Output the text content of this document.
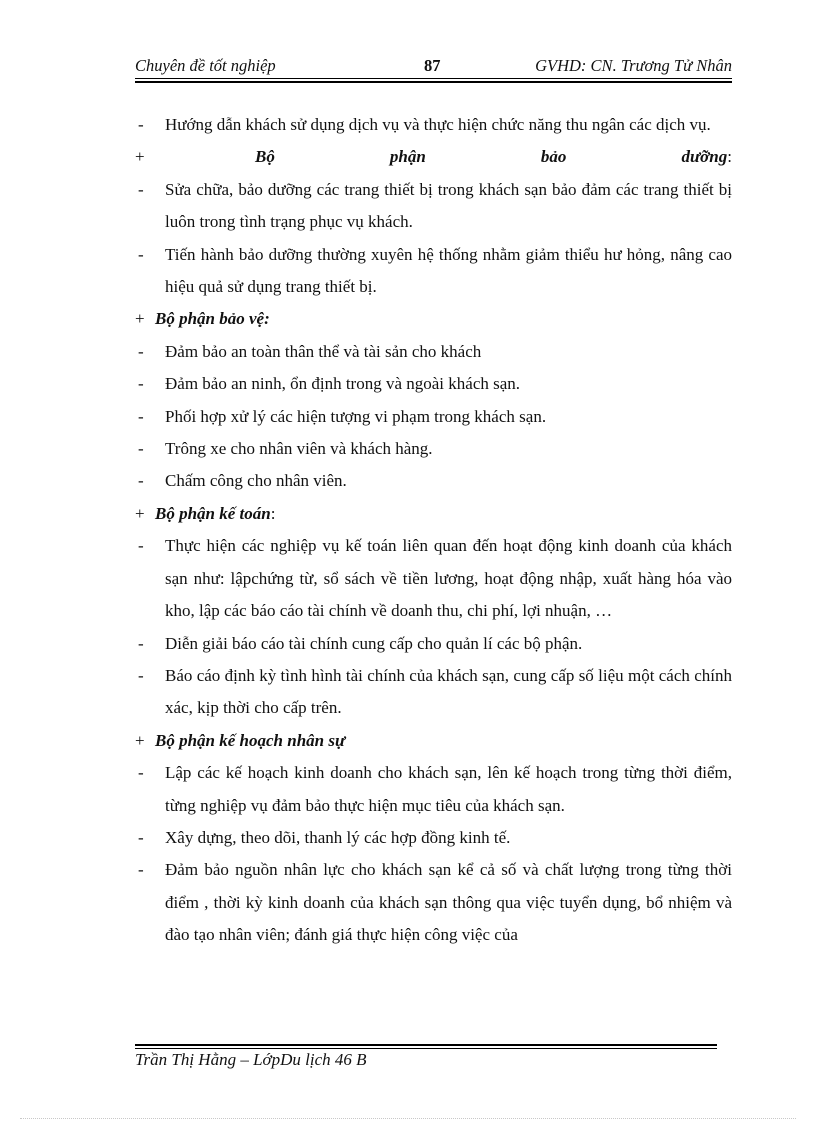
Chuyên đề tốt nghiệp	87	GVHD: CN. Trương Tử Nhân
- Hướng dẫn khách sử dụng dịch vụ và thực hiện chức năng thu ngân các dịch vụ.
+	Bộ phận bảo dưỡng:
- Sửa chữa, bảo dưỡng các trang thiết bị trong khách sạn bảo đảm các trang thiết bị luôn trong tình trạng phục vụ khách.
- Tiến hành bảo dưỡng thường xuyên hệ thống nhằm giảm thiểu hư hỏng, nâng cao hiệu quả sử dụng trang thiết bị.
+ Bộ phận bảo vệ:
- Đảm bảo an toàn thân thể và tài sản cho khách
- Đảm bảo an ninh, ổn định trong và ngoài khách sạn.
- Phối hợp xử lý các hiện tượng vi phạm trong khách sạn.
- Trông xe cho nhân viên và khách hàng.
- Chấm công cho nhân viên.
+ Bộ phận kế toán:
- Thực hiện các nghiệp vụ kế toán liên quan đến hoạt động kinh doanh của khách sạn như: lậpchứng từ, sổ sách về tiền lương, hoạt động nhập, xuất hàng hóa vào kho, lập các báo cáo tài chính về doanh thu, chi phí, lợi nhuận, …
- Diễn giải báo cáo tài chính cung cấp cho quản lí các bộ phận.
- Báo cáo định kỳ tình hình tài chính của khách sạn, cung cấp số liệu một cách chính xác, kịp thời cho cấp trên.
+ Bộ phận kế hoạch nhân sự
- Lập các kế hoạch kinh doanh cho khách sạn, lên kế hoạch trong từng thời điểm, từng nghiệp vụ đảm bảo thực hiện mục tiêu của khách sạn.
- Xây dựng, theo dõi, thanh lý các hợp đồng kinh tế.
- Đảm bảo nguồn nhân lực cho khách sạn kể cả số và chất lượng trong từng thời điểm , thời kỳ kinh doanh của khách sạn thông qua việc tuyển dụng, bổ nhiệm và đào tạo nhân viên; đánh giá thực hiện công việc của
Trần Thị Hằng – LớpDu lịch 46 B
